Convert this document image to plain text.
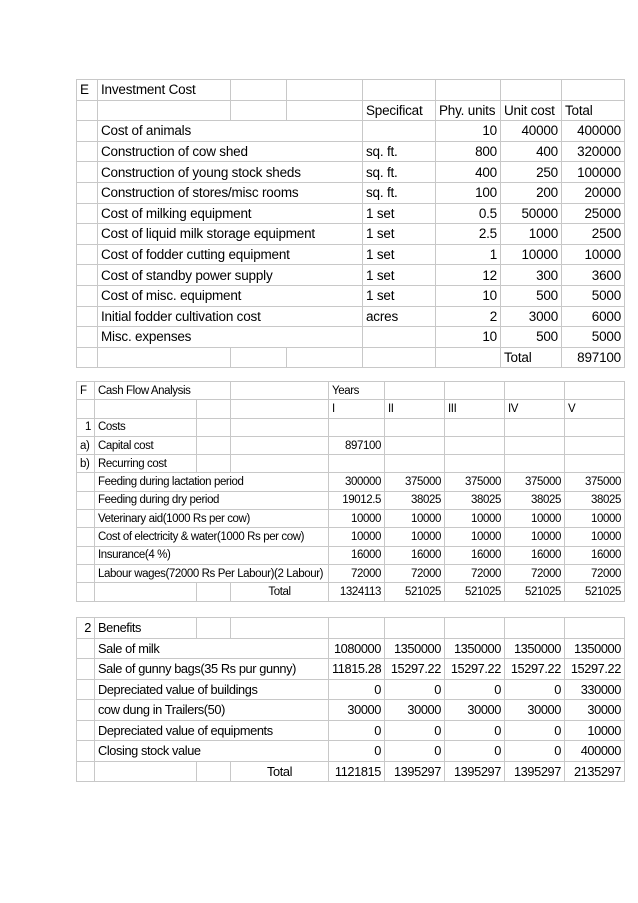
E	Investment Cost						
				Specificat	Phy. units	Unit cost	Total
	Cost of animals				10	40000	400000
	Construction of cow shed			sq. ft.	800	400	320000
	Construction of young stock sheds			sq. ft.	400	250	100000
	Construction of stores/misc rooms			sq. ft.	100	200	20000
	Cost of milking equipment			1 set	0.5	50000	25000
	Cost of liquid milk storage equipment			1 set	2.5	1000	2500
	Cost of fodder cutting equipment			1 set	1	10000	10000
	Cost of standby power supply			1 set	12	300	3600
	Cost of misc. equipment			1 set	10	500	5000
	Initial fodder cultivation cost			acres	2	3000	6000
	Misc. expenses				10	500	5000
						Total	897100
F	Cash Flow Analysis			Years				
				I	II	III	IV	V
1	Costs							
a)	Capital cost			897100				
b)	Recurring cost							
	Feeding during lactation period			300000	375000	375000	375000	375000
	Feeding during dry period			19012.5	38025	38025	38025	38025
	Veterinary aid(1000 Rs per cow)			10000	10000	10000	10000	10000
	Cost of electricity & water(1000 Rs per cow)			10000	10000	10000	10000	10000
	Insurance(4 %)			16000	16000	16000	16000	16000
	Labour wages(72000 Rs Per Labour)(2 Labour)			72000	72000	72000	72000	72000
			Total	1324113	521025	521025	521025	521025
2	Benefits							
	Sale of milk			1080000	1350000	1350000	1350000	1350000
	Sale of gunny bags(35 Rs pur gunny)			11815.28	15297.22	15297.22	15297.22	15297.22
	Depreciated value of buildings			0	0	0	0	330000
	cow dung in Trailers(50)			30000	30000	30000	30000	30000
	Depreciated value of equipments			0	0	0	0	10000
	Closing stock value			0	0	0	0	400000
			Total	1121815	1395297	1395297	1395297	2135297
